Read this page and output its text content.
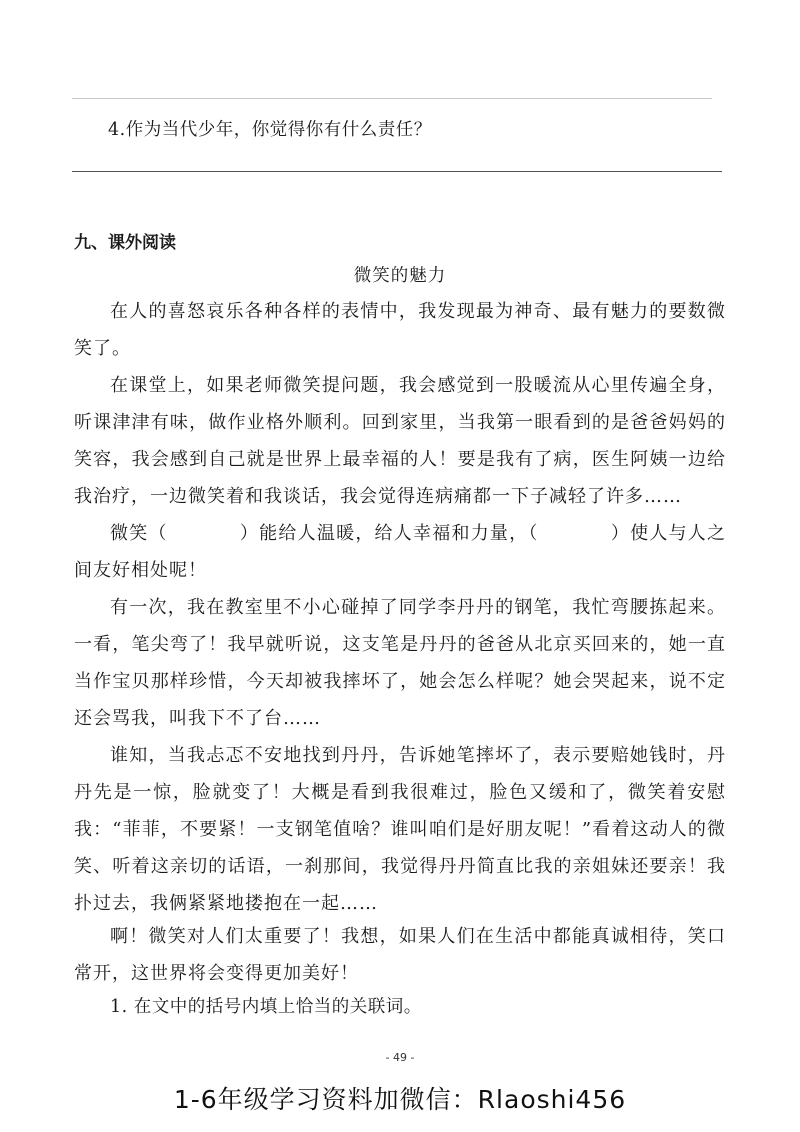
4.作为当代少年，你觉得你有什么责任？
九、课外阅读
微笑的魅力

在人的喜怒哀乐各种各样的表情中，我发现最为神奇、最有魅力的要数微笑了。

在课堂上，如果老师微笑提问题，我会感觉到一股暖流从心里传遍全身，听课津津有味，做作业格外顺利。回到家里，当我第一眼看到的是爸爸妈妈的笑容，我会感到自己就是世界上最幸福的人！要是我有了病，医生阿姨一边给我治疗，一边微笑着和我谈话，我会觉得连病痛都一下子减轻了许多……

微笑（	）能给人温暖，给人幸福和力量，（	）使人与人之间友好相处呢！

有一次，我在教室里不小心碰掉了同学李丹丹的钢笔，我忙弯腰拣起来。一看，笔尖弯了！我早就听说，这支笔是丹丹的爸爸从北京买回来的，她一直当作宝贝那样珍惜，今天却被我摔坏了，她会怎么样呢？她会哭起来，说不定还会骂我，叫我下不了台……

谁知，当我忐忑不安地找到丹丹，告诉她笔摔坏了，表示要赔她钱时，丹丹先是一惊，脸就变了！大概是看到我很难过，脸色又缓和了，微笑着安慰我：“菲菲，不要紧！一支钢笔值啥？谁叫咱们是好朋友呢！”看着这动人的微笑、听着这亲切的话语，一刹那间，我觉得丹丹简直比我的亲姐妹还要亲！我扑过去，我俩紧紧地搂抱在一起……

啊！微笑对人们太重要了！我想，如果人们在生活中都能真诚相待，笑口常开，这世界将会变得更加美好！

1. 在文中的括号内填上恰当的关联词。
- 49 -
1-6年级学习资料加微信：Rlaoshi456
